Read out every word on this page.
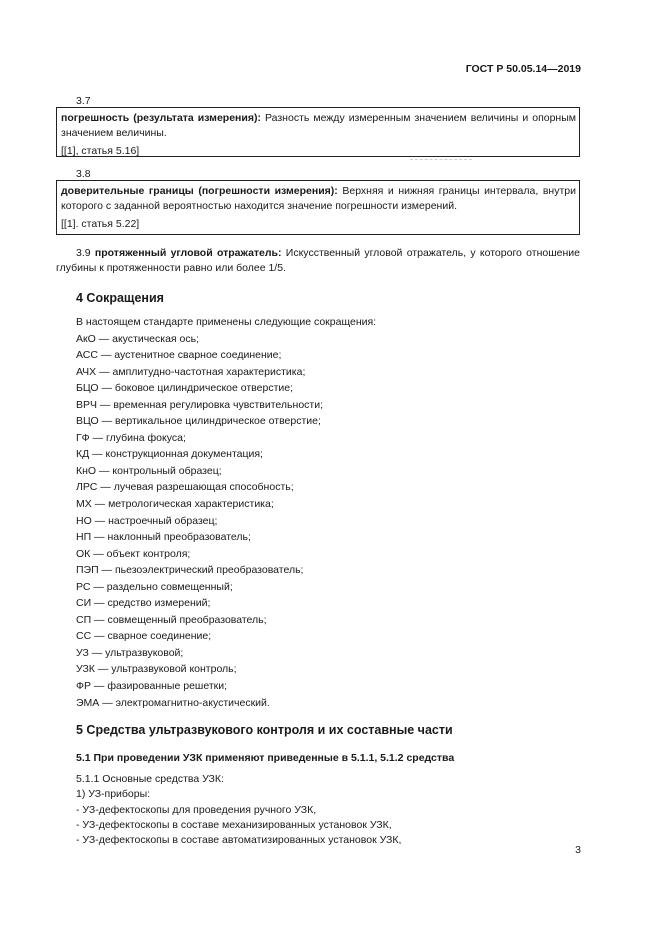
ГОСТ Р 50.05.14—2019
3.7

погрешность (результата измерения): Разность между измеренным значением величины и опорным значением величины.

[[1], статья 5.16]

3.8

доверительные границы (погрешности измерения): Верхняя и нижняя границы интервала, внутри которого с заданной вероятностью находится значение погрешности измерений.

[[1]. статья 5.22]

3.9 протяженный угловой отражатель: Искусственный угловой отражатель, у которого отношение глубины к протяженности равно или более 1/5.
4 Сокращения
В настоящем стандарте применены следующие сокращения:
АкО — акустическая ось;
АСС — аустенитное сварное соединение;
АЧХ — амплитудно-частотная характеристика;
БЦО — боковое цилиндрическое отверстие;
ВРЧ — временная регулировка чувствительности;
ВЦО — вертикальное цилиндрическое отверстие;
ГФ — глубина фокуса;
КД — конструкционная документация;
КнО — контрольный образец;
ЛРС — лучевая разрешающая способность;
МХ — метрологическая характеристика;
НО — настроечный образец;
НП — наклонный преобразователь;
ОК — объект контроля;
ПЭП — пьезоэлектрический преобразователь;
РС — раздельно совмещенный;
СИ — средство измерений;
СП — совмещенный преобразователь;
СС — сварное соединение;
УЗ — ультразвуковой;
УЗК — ультразвуковой контроль;
ФР — фазированные решетки;
ЭМА — электромагнитно-акустический.
5 Средства ультразвукового контроля и их составные части
5.1 При проведении УЗК применяют приведенные в 5.1.1, 5.1.2 средства
5.1.1 Основные средства УЗК:
1) УЗ-приборы:
- УЗ-дефектоскопы для проведения ручного УЗК,
- УЗ-дефектоскопы в составе механизированных установок УЗК,
- УЗ-дефектоскопы в составе автоматизированных установок УЗК,
3
